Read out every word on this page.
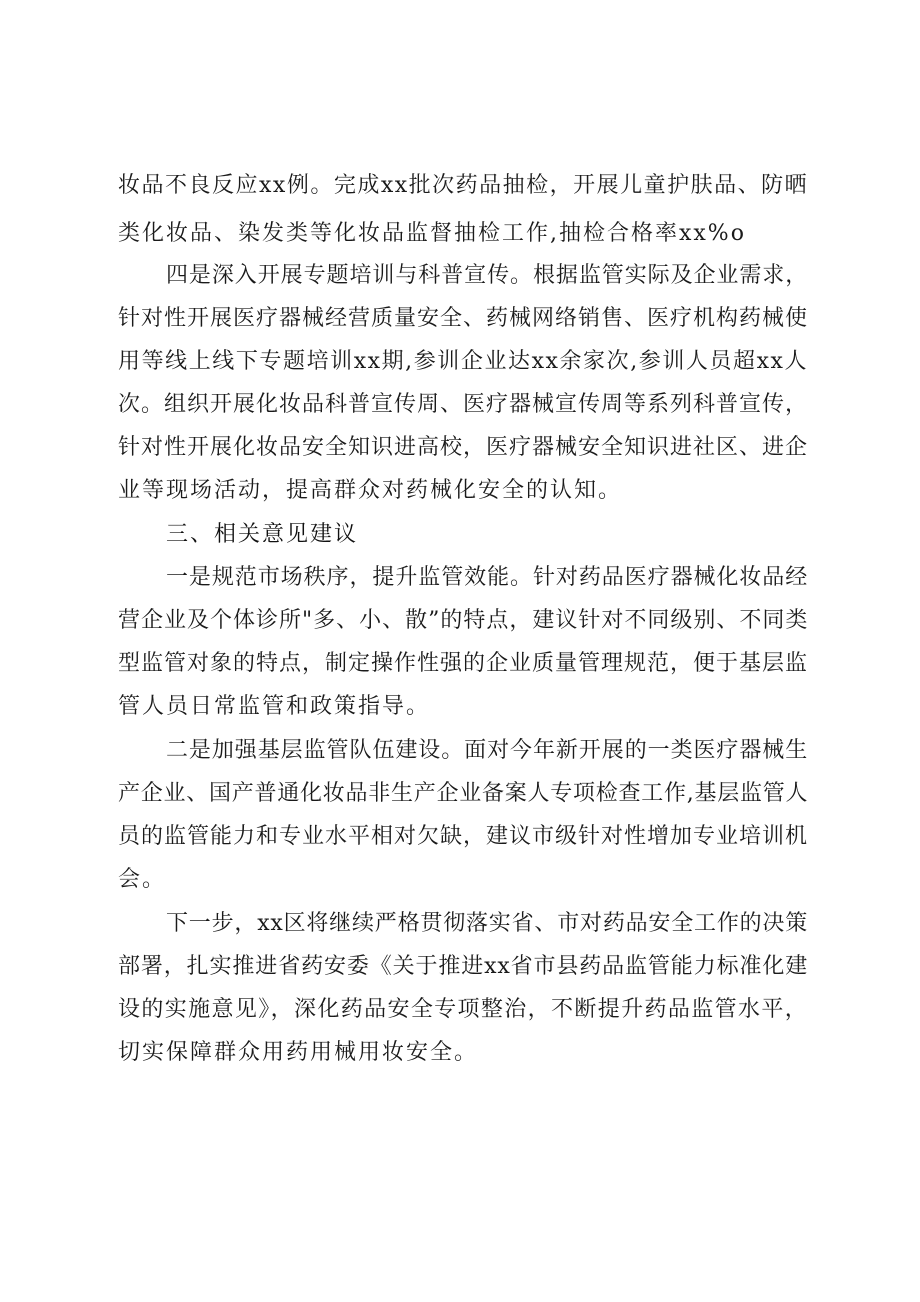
妆品不良反应xx例。完成xx批次药品抽检，开展儿童护肤品、防晒
类化妆品、染发类等化妆品监督抽检工作,抽检合格率xx%o
四是深入开展专题培训与科普宣传。根据监管实际及企业需求，
针对性开展医疗器械经营质量安全、药械网络销售、医疗机构药械使
用等线上线下专题培训xx期,参训企业达xx余家次,参训人员超xx人
次。组织开展化妆品科普宣传周、医疗器械宣传周等系列科普宣传，
针对性开展化妆品安全知识进高校，医疗器械安全知识进社区、进企
业等现场活动，提高群众对药械化安全的认知。
三、相关意见建议
一是规范市场秩序，提升监管效能。针对药品医疗器械化妆品经
营企业及个体诊所"多、小、散”的特点，建议针对不同级别、不同类
型监管对象的特点，制定操作性强的企业质量管理规范，便于基层监
管人员日常监管和政策指导。
二是加强基层监管队伍建设。面对今年新开展的一类医疗器械生
产企业、国产普通化妆品非生产企业备案人专项检查工作,基层监管人
员的监管能力和专业水平相对欠缺，建议市级针对性增加专业培训机
会。
下一步，xx区将继续严格贯彻落实省、市对药品安全工作的决策
部署，扎实推进省药安委《关于推进xx省市县药品监管能力标准化建
设的实施意见》，深化药品安全专项整治，不断提升药品监管水平，
切实保障群众用药用械用妆安全。
